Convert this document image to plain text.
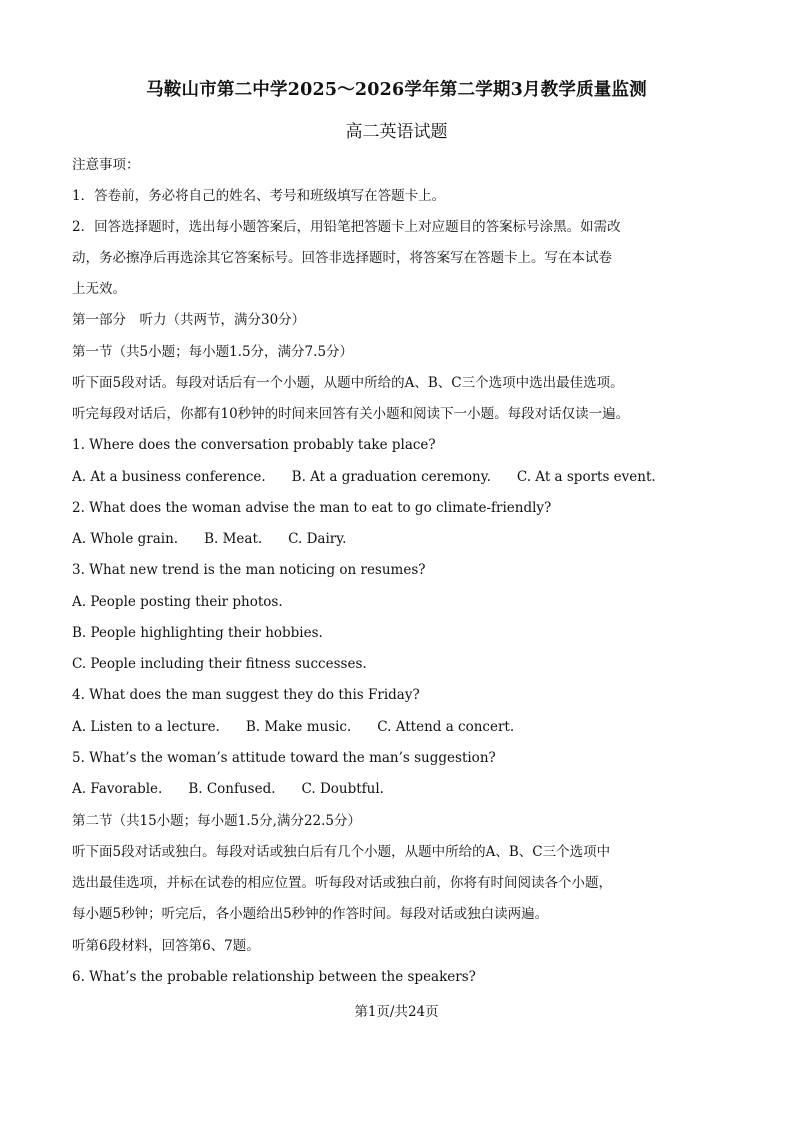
马鞍山市第二中学2025～2026学年第二学期3月教学质量监测
高二英语试题
注意事项：
1．答卷前，务必将自己的姓名、考号和班级填写在答题卡上。
2．回答选择题时，选出每小题答案后，用铅笔把答题卡上对应题目的答案标号涂黑。如需改
动，务必擦净后再选涂其它答案标号。回答非选择题时，将答案写在答题卡上。写在本试卷
上无效。
第一部分　听力（共两节，满分30分）
第一节（共5小题；每小题1.5分，满分7.5分）
听下面5段对话。每段对话后有一个小题，从题中所给的A、B、C三个选项中选出最佳选项。
听完每段对话后，你都有10秒钟的时间来回答有关小题和阅读下一小题。每段对话仅读一遍。
1. Where does the conversation probably take place?
A. At a business conference. B. At a graduation ceremony. C. At a sports event.
2. What does the woman advise the man to eat to go climate-friendly?
A. Whole grain. B. Meat. C. Dairy.
3. What new trend is the man noticing on resumes?
A. People posting their photos.
B. People highlighting their hobbies.
C. People including their fitness successes.
4. What does the man suggest they do this Friday?
A. Listen to a lecture. B. Make music. C. Attend a concert.
5. What’s the woman’s attitude toward the man’s suggestion?
A. Favorable. B. Confused. C. Doubtful.
第二节（共15小题；每小题1.5分,满分22.5分）
听下面5段对话或独白。每段对话或独白后有几个小题，从题中所给的A、B、C三个选项中
选出最佳选项，并标在试卷的相应位置。听每段对话或独白前，你将有时间阅读各个小题，
每小题5秒钟；听完后，各小题给出5秒钟的作答时间。每段对话或独白读两遍。
听第6段材料，回答第6、7题。
6. What’s the probable relationship between the speakers?
第1页/共24页
